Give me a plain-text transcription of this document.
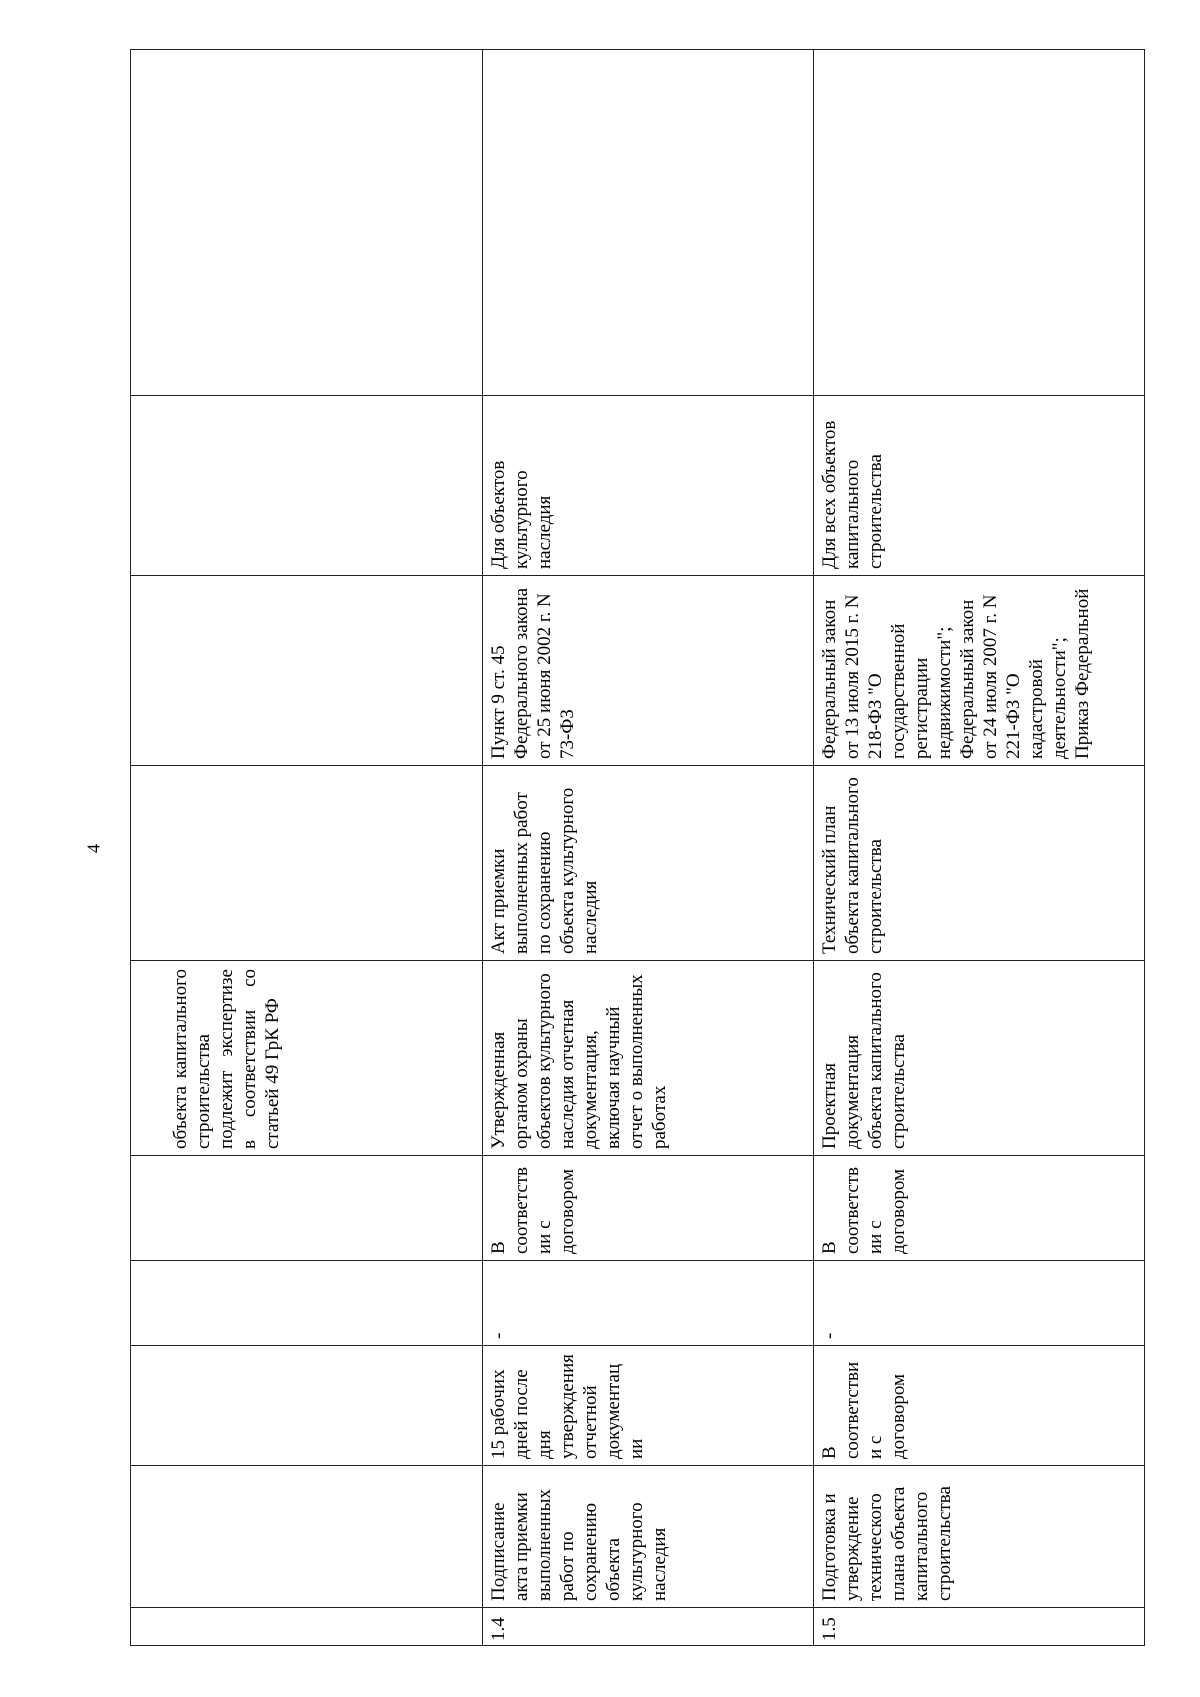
4
					объекта капитального строительства подлежит экспертизе в соответствии со статьей 49 ГрК РФ				
1.4	Подписание акта приемки выполненных работ по сохранению объекта культурного наследия	15 рабочих дней после дня утверждения отчетной документации	-	В соответствии с договором	Утвержденная органом охраны объектов культурного наследия отчетная документация, включая научный отчет о выполненных работах	Акт приемки выполненных работ по сохранению объекта культурного наследия	Пункт 9 ст. 45 Федерального закона от 25 июня 2002 г. N 73-ФЗ	Для объектов культурного наследия	
1.5	Подготовка и утверждение технического плана объекта капитального строительства	В соответствии с договором	-	В соответствии с договором	Проектная документация объекта капитального строительства	Технический план объекта капитального строительства	Федеральный закон от 13 июля 2015 г. N 218-ФЗ "О государственной регистрации недвижимости"; Федеральный закон от 24 июля 2007 г. N 221-ФЗ "О кадастровой деятельности"; Приказ Федеральной	Для всех объектов капитального строительства	
